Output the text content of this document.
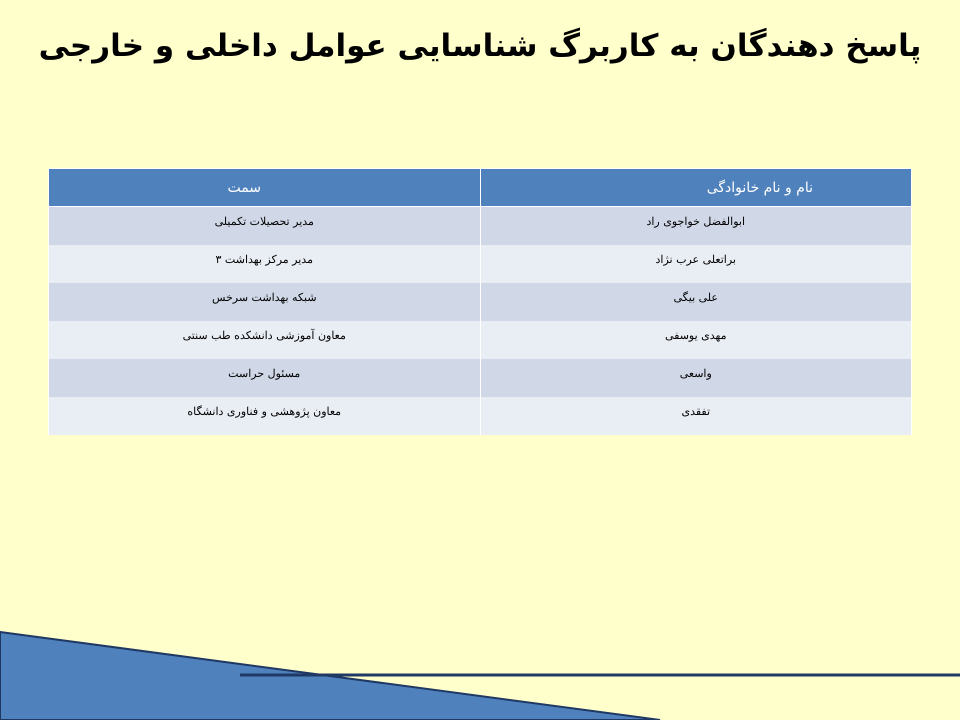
پاسخ دهندگان به کاربرگ شناسایی عوامل داخلی و خارجی
نام و نام خانوادگی	سمت
ابوالفضل خواجوی راد	مدیر تحصیلات تکمیلی
براتعلی عرب نژاد	مدیر مرکز بهداشت ۳
علی بیگی	شبکه بهداشت سرخس
مهدی یوسفی	معاون آموزشی دانشکده طب سنتی
واسعی	مسئول حراست
تفقدی	معاون پژوهشی و فناوری دانشگاه
